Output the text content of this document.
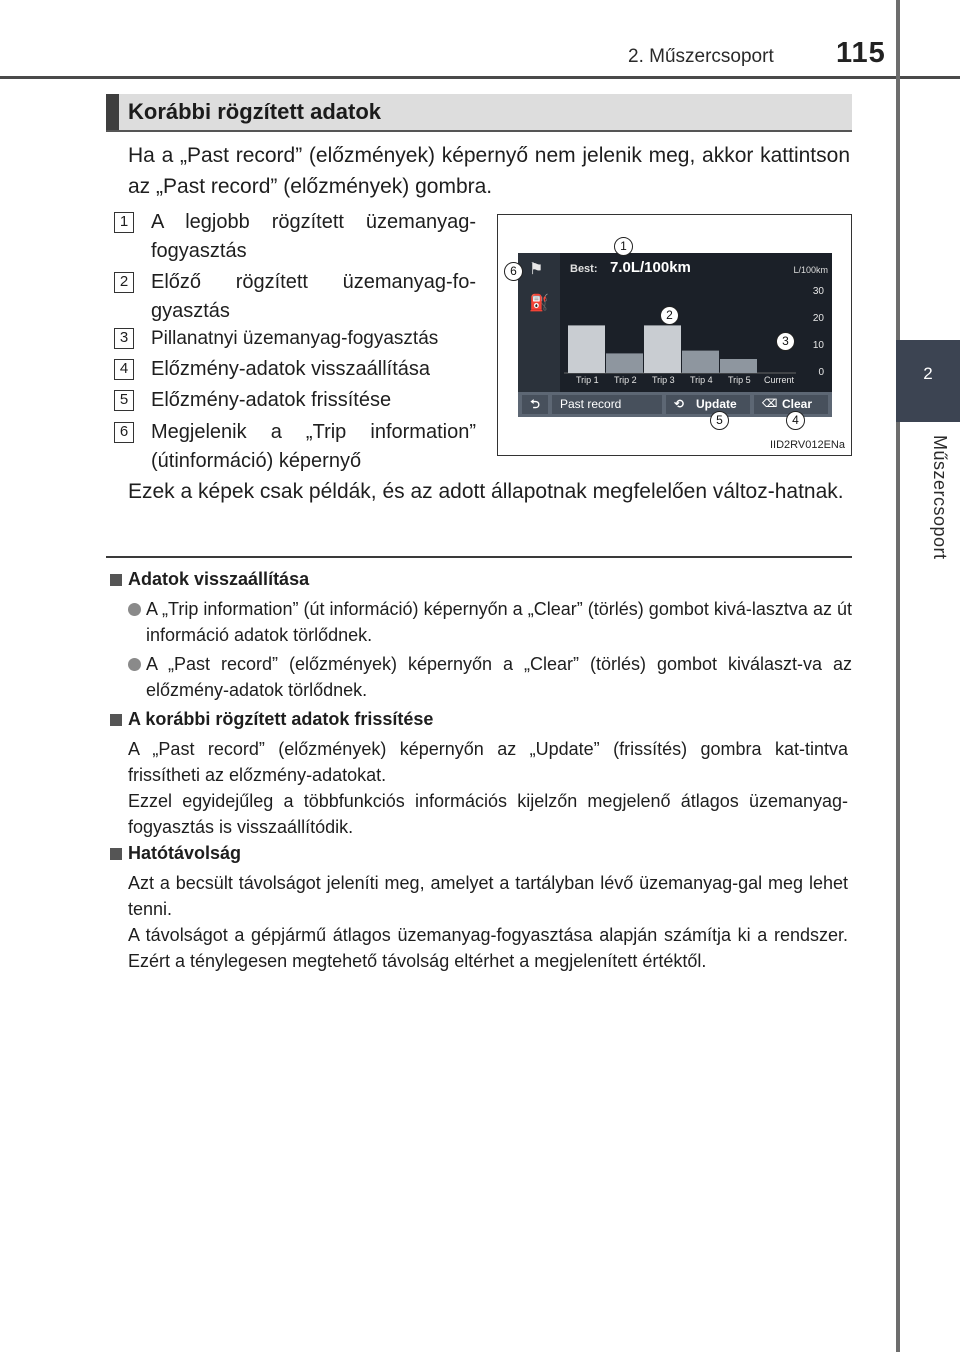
2. Műszercsoport 115
2
Műszercsoport
Korábbi rögzített adatok
Ha a „Past record” (előzmények) képernyő nem jelenik meg, akkor kattintson az „Past record” (előzmények) gombra.
1 A legjobb rögzített üzemanyag-fogyasztás
2 Előző rögzített üzemanyag-fo-gyasztás
3	Pillanatnyi üzemanyag-fogyasztás
4 Előzmény-adatok visszaállítása
5 Előzmény-adatok frissítése
6 Megjelenik a „Trip information” (útinformáció) képernyő
⚑
⛽
Best: 7.0L/100km	L/100km
30
20
10
0
Trip 1 Trip 2 Trip 3 Trip 4 Trip 5 Current
⮌	Past record	⟲ Update	⌫ Clear
1
2
3
4
5
6
IID2RV012ENa
Ezek a képek csak példák, és az adott állapotnak megfelelően változ-hatnak.
Adatok visszaállítása
A „Trip information” (út információ) képernyőn a „Clear” (törlés) gombot kivá-lasztva az út információ adatok törlődnek.
A „Past record” (előzmények) képernyőn a „Clear” (törlés) gombot kiválaszt-va az előzmény-adatok törlődnek.
A korábbi rögzített adatok frissítése

A „Past record” (előzmények) képernyőn az „Update” (frissítés) gombra kat-tintva frissítheti az előzmény-adatokat.

Ezzel egyidejűleg a többfunkciós információs kijelzőn megjelenő átlagos üzemanyag-fogyasztás is visszaállítódik.

Hatótávolság

Azt a becsült távolságot jeleníti meg, amelyet a tartályban lévő üzemanyag-gal meg lehet tenni.

A távolságot a gépjármű átlagos üzemanyag-fogyasztása alapján számítja ki a rendszer. Ezért a ténylegesen megtehető távolság eltérhet a megjelenített értéktől.
